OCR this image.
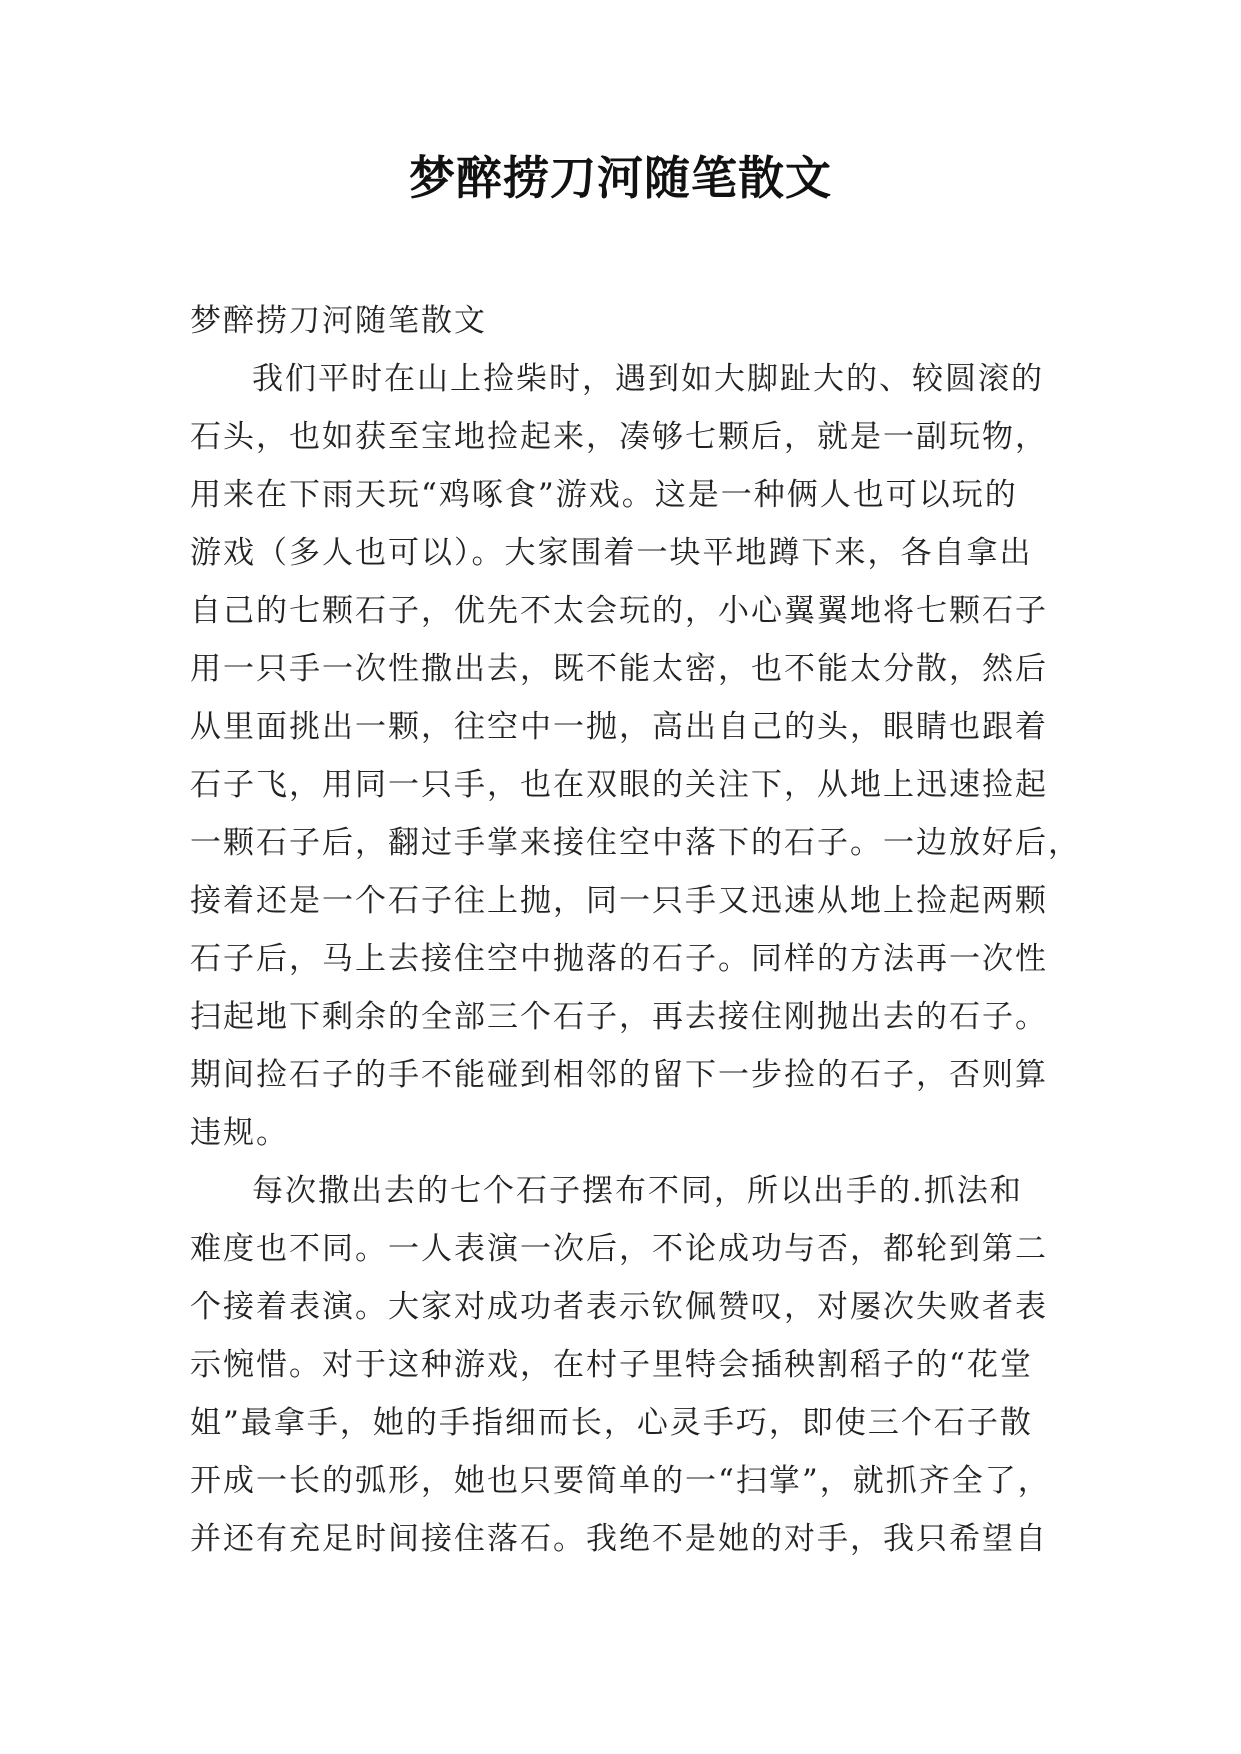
梦醉捞刀河随笔散文

梦醉捞刀河随笔散文

我们平时在山上捡柴时，遇到如大脚趾大的、较圆滚的
石头，也如获至宝地捡起来，凑够七颗后，就是一副玩物，
用来在下雨天玩“鸡啄食”游戏。这是一种俩人也可以玩的
游戏（多人也可以）。大家围着一块平地蹲下来，各自拿出
自己的七颗石子，优先不太会玩的，小心翼翼地将七颗石子
用一只手一次性撒出去，既不能太密，也不能太分散，然后
从里面挑出一颗，往空中一抛，高出自己的头，眼睛也跟着
石子飞，用同一只手，也在双眼的关注下，从地上迅速捡起
一颗石子后，翻过手掌来接住空中落下的石子。一边放好后，
接着还是一个石子往上抛，同一只手又迅速从地上捡起两颗
石子后，马上去接住空中抛落的石子。同样的方法再一次性
扫起地下剩余的全部三个石子，再去接住刚抛出去的石子。
期间捡石子的手不能碰到相邻的留下一步捡的石子，否则算
违规。

每次撒出去的七个石子摆布不同，所以出手的.抓法和
难度也不同。一人表演一次后，不论成功与否，都轮到第二
个接着表演。大家对成功者表示钦佩赞叹，对屡次失败者表
示惋惜。对于这种游戏，在村子里特会插秧割稻子的“花堂
姐”最拿手，她的手指细而长，心灵手巧，即使三个石子散
开成一长的弧形，她也只要简单的一“扫掌”，就抓齐全了，
并还有充足时间接住落石。我绝不是她的对手，我只希望自
